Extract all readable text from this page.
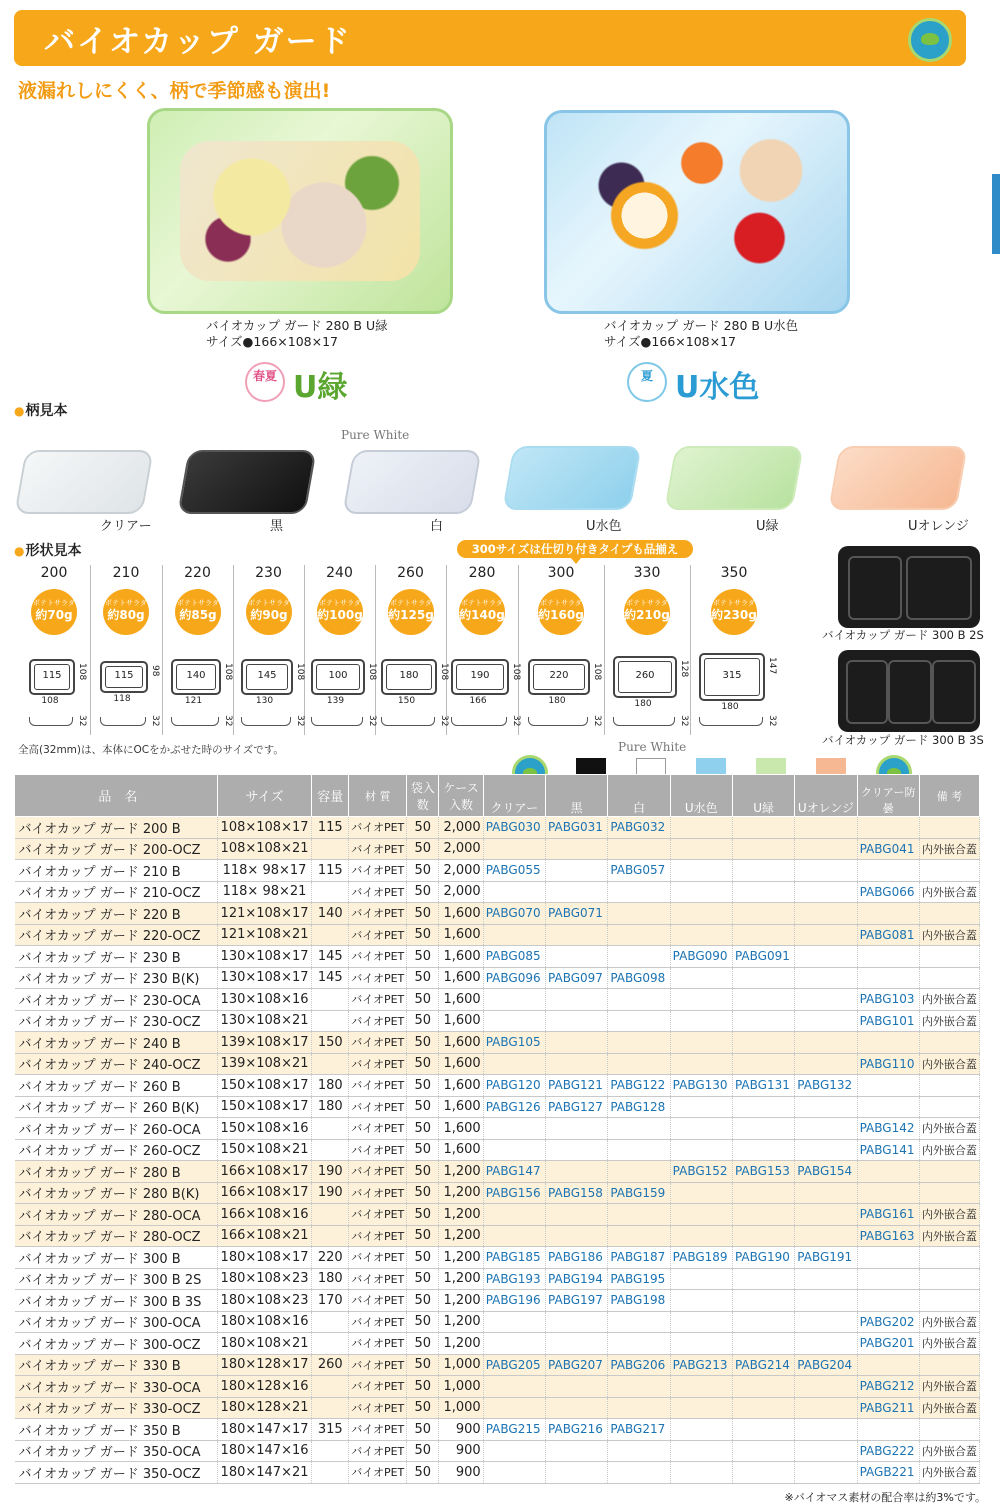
バイオカップ ガード
液漏れしにくく、柄で季節感も演出!
バイオカップ ガード 280 B U緑
サイズ●166×108×17
バイオカップ ガード 280 B U水色
サイズ●166×108×17
春夏 U緑	夏 U水色
● 柄見本
Pure White
クリアー	黒	白	U水色	U緑	Uオレンジ
● 形状見本	300サイズは仕切り付きタイプも品揃え
200
ポテトサラダ
約70g
115	108
108
32
210
ポテトサラダ
約80g
115	98
118
32
220
ポテトサラダ
約85g
140	108
121
32
230
ポテトサラダ
約90g
145	108
130
32
240
ポテトサラダ
約100g
100	108
139
32
260
ポテトサラダ
約125g
180	108
150
32
280
ポテトサラダ
約140g
190	108
166
32
300
ポテトサラダ
約160g
220	108
180
32
330
ポテトサラダ
約210g
260	128
180
32
350
ポテトサラダ
約230g
315
147
180
32
バイオカップ ガード 300 B 2S
バイオカップ ガード 300 B 3S
全高(32mm)は、本体にOCをかぶせた時のサイズです。	Pure White
品　名	サイズ	容量	材 質	袋入数	ケース入数	クリアー	黒	白	U水色	U緑	Uオレンジ	クリアー防曇	備 考
バイオカップ ガード 200 B	108×108×17	115	バイオPET	50	2,000	PABG030	PABG031	PABG032					
バイオカップ ガード 200-OCZ	108×108×21		バイオPET	50	2,000							PABG041	内外嵌合蓋
バイオカップ ガード 210 B	118× 98×17	115	バイオPET	50	2,000	PABG055		PABG057					
バイオカップ ガード 210-OCZ	118× 98×21		バイオPET	50	2,000							PABG066	内外嵌合蓋
バイオカップ ガード 220 B	121×108×17	140	バイオPET	50	1,600	PABG070	PABG071						
バイオカップ ガード 220-OCZ	121×108×21		バイオPET	50	1,600							PABG081	内外嵌合蓋
バイオカップ ガード 230 B	130×108×17	145	バイオPET	50	1,600	PABG085			PABG090	PABG091			
バイオカップ ガード 230 B(K)	130×108×17	145	バイオPET	50	1,600	PABG096	PABG097	PABG098					
バイオカップ ガード 230-OCA	130×108×16		バイオPET	50	1,600							PABG103	内外嵌合蓋
バイオカップ ガード 230-OCZ	130×108×21		バイオPET	50	1,600							PABG101	内外嵌合蓋
バイオカップ ガード 240 B	139×108×17	150	バイオPET	50	1,600	PABG105							
バイオカップ ガード 240-OCZ	139×108×21		バイオPET	50	1,600							PABG110	内外嵌合蓋
バイオカップ ガード 260 B	150×108×17	180	バイオPET	50	1,600	PABG120	PABG121	PABG122	PABG130	PABG131	PABG132		
バイオカップ ガード 260 B(K)	150×108×17	180	バイオPET	50	1,600	PABG126	PABG127	PABG128					
バイオカップ ガード 260-OCA	150×108×16		バイオPET	50	1,600							PABG142	内外嵌合蓋
バイオカップ ガード 260-OCZ	150×108×21		バイオPET	50	1,600							PABG141	内外嵌合蓋
バイオカップ ガード 280 B	166×108×17	190	バイオPET	50	1,200	PABG147			PABG152	PABG153	PABG154		
バイオカップ ガード 280 B(K)	166×108×17	190	バイオPET	50	1,200	PABG156	PABG158	PABG159					
バイオカップ ガード 280-OCA	166×108×16		バイオPET	50	1,200							PABG161	内外嵌合蓋
バイオカップ ガード 280-OCZ	166×108×21		バイオPET	50	1,200							PABG163	内外嵌合蓋
バイオカップ ガード 300 B	180×108×17	220	バイオPET	50	1,200	PABG185	PABG186	PABG187	PABG189	PABG190	PABG191		
バイオカップ ガード 300 B 2S	180×108×23	180	バイオPET	50	1,200	PABG193	PABG194	PABG195					
バイオカップ ガード 300 B 3S	180×108×23	170	バイオPET	50	1,200	PABG196	PABG197	PABG198					
バイオカップ ガード 300-OCA	180×108×16		バイオPET	50	1,200							PABG202	内外嵌合蓋
バイオカップ ガード 300-OCZ	180×108×21		バイオPET	50	1,200							PABG201	内外嵌合蓋
バイオカップ ガード 330 B	180×128×17	260	バイオPET	50	1,000	PABG205	PABG207	PABG206	PABG213	PABG214	PABG204		
バイオカップ ガード 330-OCA	180×128×16		バイオPET	50	1,000							PABG212	内外嵌合蓋
バイオカップ ガード 330-OCZ	180×128×21		バイオPET	50	1,000							PABG211	内外嵌合蓋
バイオカップ ガード 350 B	180×147×17	315	バイオPET	50	900	PABG215	PABG216	PABG217					
バイオカップ ガード 350-OCA	180×147×16		バイオPET	50	900							PABG222	内外嵌合蓋
バイオカップ ガード 350-OCZ	180×147×21		バイオPET	50	900							PAGB221	内外嵌合蓋
※バイオマス素材の配合率は約3%です。
